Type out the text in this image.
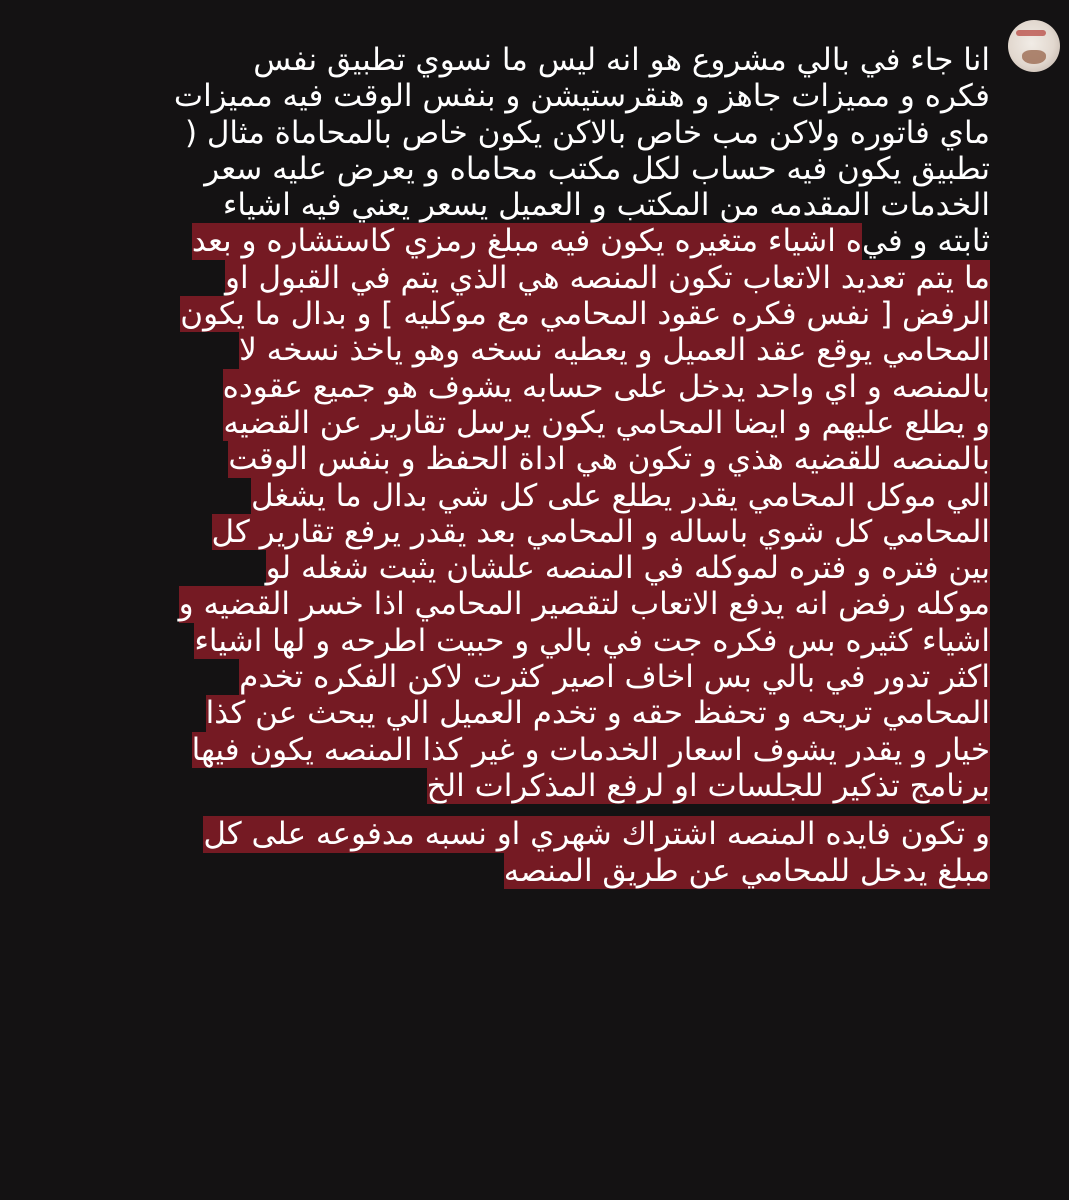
انا جاء في بالي مشروع هو انه ليس ما نسوي تطبيق نفس
فكره و مميزات جاهز و هنقرستيشن و بنفس الوقت فيه مميزات
ماي فاتوره ولاكن مب خاص بالاكن يكون خاص بالمحاماة مثال (
تطبيق يكون فيه حساب لكل مكتب محاماه و يعرض عليه سعر
الخدمات المقدمه من المكتب و العميل يسعر يعني فيه اشياء
ثابته و فيه اشياء متغيره يكون فيه مبلغ رمزي كاستشاره و بعد
ما يتم تعديد الاتعاب تكون المنصه هي الذي يتم في القبول او
الرفض [ نفس فكره عقود المحامي مع موكليه ] و بدال ما يكون
المحامي يوقع عقد العميل و يعطيه نسخه وهو ياخذ نسخه لا
بالمنصه و اي واحد يدخل على حسابه يشوف هو جميع عقوده
و يطلع عليهم و ايضا المحامي يكون يرسل تقارير عن القضيه
بالمنصه للقضيه هذي و تكون هي اداة الحفظ و بنفس الوقت
الي موكل المحامي يقدر يطلع على كل شي بدال ما يشغل
المحامي كل شوي باساله و المحامي بعد يقدر يرفع تقارير كل
بين فتره و فتره لموكله في المنصه علشان يثبت شغله لو
موكله رفض انه يدفع الاتعاب لتقصير المحامي اذا خسر القضيه و
اشياء كثيره بس فكره جت في بالي و حبيت اطرحه و لها اشياء
اكثر تدور في بالي بس اخاف اصير كثرت لاكن الفكره تخدم
المحامي تريحه و تحفظ حقه و تخدم العميل الي يبحث عن كذا
خيار و يقدر يشوف اسعار الخدمات و غير كذا المنصه يكون فيها
برنامج تذكير للجلسات او لرفع المذكرات الخ
و تكون فايده المنصه اشتراك شهري او نسبه مدفوعه على كل
مبلغ يدخل للمحامي عن طريق المنصه
